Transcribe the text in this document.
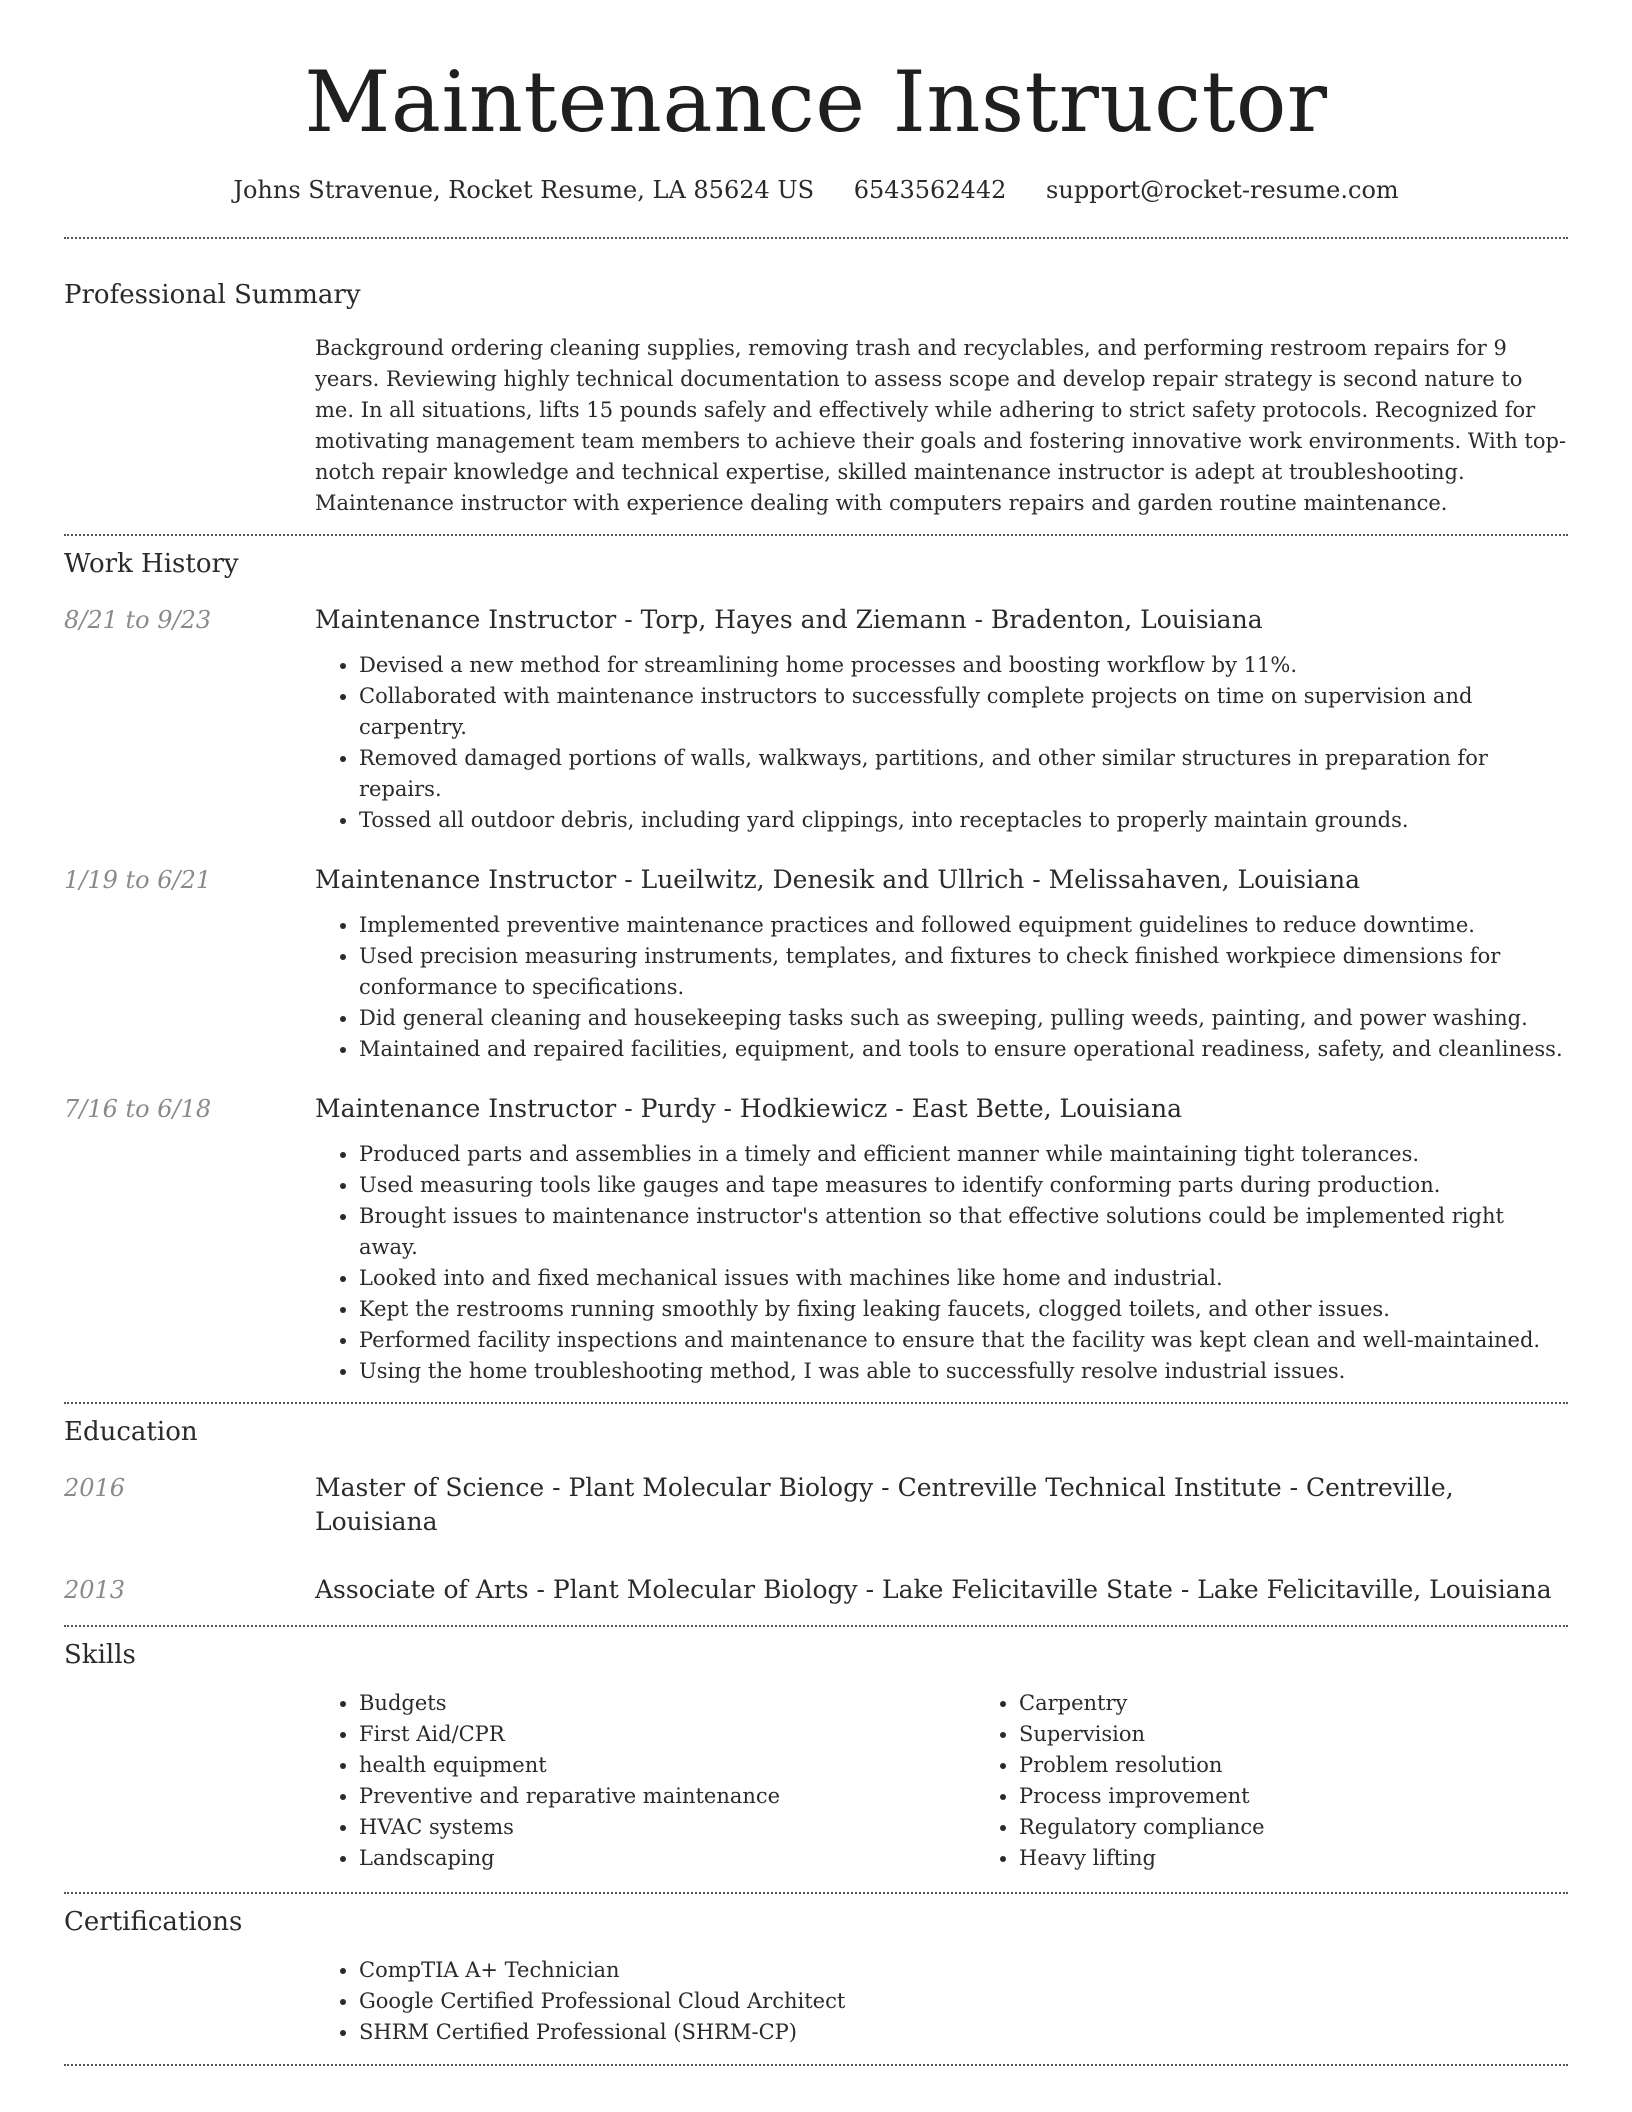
Maintenance Instructor
Johns Stravenue, Rocket Resume, LA 85624 US 6543562442 support@rocket-resume.com
Professional Summary

Background ordering cleaning supplies, removing trash and recyclables, and performing restroom repairs for 9 years. Reviewing highly technical documentation to assess scope and develop repair strategy is second nature to me. In all situations, lifts 15 pounds safely and effectively while adhering to strict safety protocols. Recognized for motivating management team members to achieve their goals and fostering innovative work environments. With top-notch repair knowledge and technical expertise, skilled maintenance instructor is adept at troubleshooting. Maintenance instructor with experience dealing with computers repairs and garden routine maintenance.

Work History
8/21 to 9/23	Maintenance Instructor - Torp, Hayes and Ziemann - Bradenton, Louisiana
• Devised a new method for streamlining home processes and boosting workflow by 11%.
• Collaborated with maintenance instructors to successfully complete projects on time on supervision and carpentry.
• Removed damaged portions of walls, walkways, partitions, and other similar structures in preparation for repairs.
• Tossed all outdoor debris, including yard clippings, into receptacles to properly maintain grounds.
1/19 to 6/21	Maintenance Instructor - Lueilwitz, Denesik and Ullrich - Melissahaven, Louisiana
• Implemented preventive maintenance practices and followed equipment guidelines to reduce downtime.
• Used precision measuring instruments, templates, and fixtures to check finished workpiece dimensions for conformance to specifications.
• Did general cleaning and housekeeping tasks such as sweeping, pulling weeds, painting, and power washing.
• Maintained and repaired facilities, equipment, and tools to ensure operational readiness, safety, and cleanliness.
7/16 to 6/18	Maintenance Instructor - Purdy - Hodkiewicz - East Bette, Louisiana
• Produced parts and assemblies in a timely and efficient manner while maintaining tight tolerances.
• Used measuring tools like gauges and tape measures to identify conforming parts during production.
• Brought issues to maintenance instructor's attention so that effective solutions could be implemented right away.
• Looked into and fixed mechanical issues with machines like home and industrial.
• Kept the restrooms running smoothly by fixing leaking faucets, clogged toilets, and other issues.
• Performed facility inspections and maintenance to ensure that the facility was kept clean and well-maintained.
• Using the home troubleshooting method, I was able to successfully resolve industrial issues.
Education
2016	Master of Science - Plant Molecular Biology - Centreville Technical Institute - Centreville, Louisiana
2013	Associate of Arts - Plant Molecular Biology - Lake Felicitaville State - Lake Felicitaville, Louisiana
Skills
• Budgets
• First Aid/CPR
• health equipment
• Preventive and reparative maintenance
• HVAC systems
• Landscaping
• Carpentry
• Supervision
• Problem resolution
• Process improvement
• Regulatory compliance
• Heavy lifting
Certifications
• CompTIA A+ Technician
• Google Certified Professional Cloud Architect
• SHRM Certified Professional (SHRM-CP)
